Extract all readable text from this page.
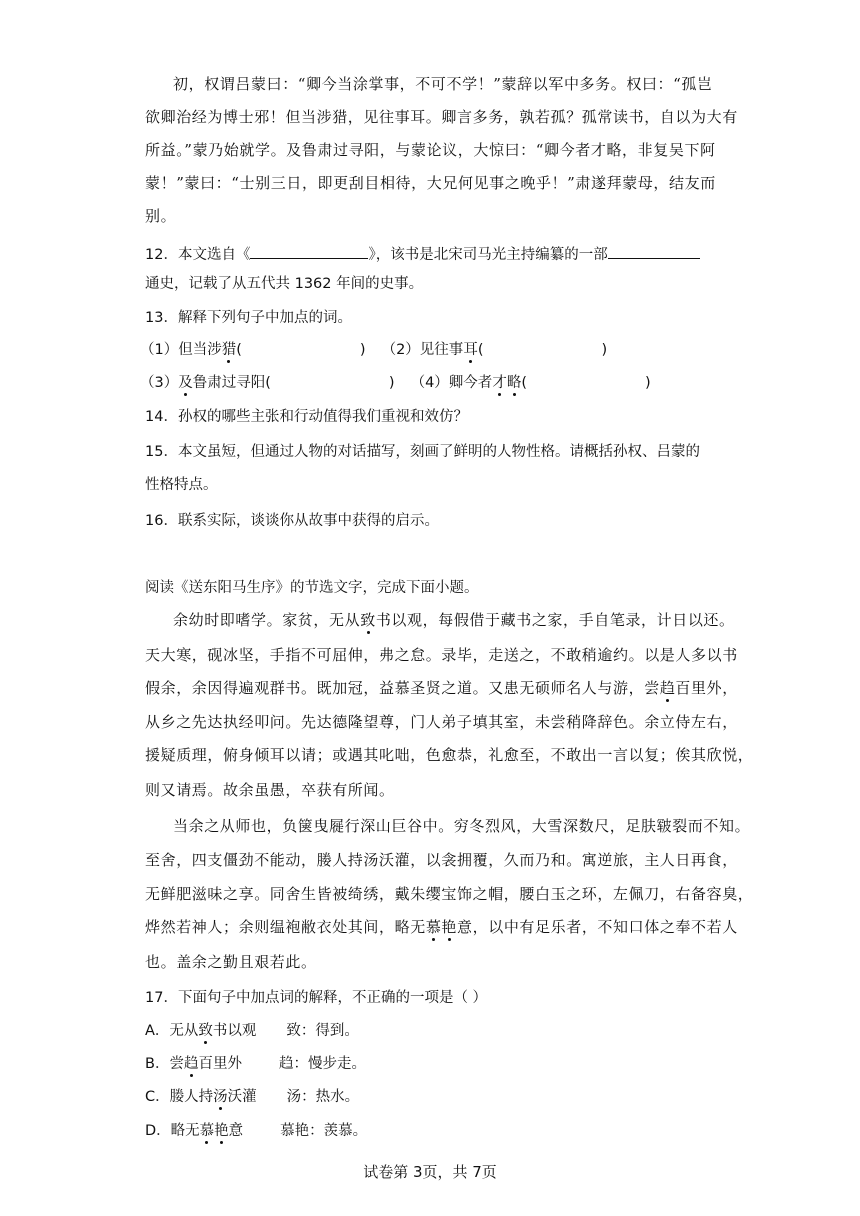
初，权谓吕蒙曰：“卿今当涂掌事，不可不学！”蒙辞以军中多务。权曰：“孤岂
欲卿治经为博士邪！但当涉猎，见往事耳。卿言多务，孰若孤？孤常读书，自以为大有
所益。”蒙乃始就学。及鲁肃过寻阳，与蒙论议，大惊曰：“卿今者才略，非复吴下阿
蒙！”蒙曰：“士别三日，即更刮目相待，大兄何见事之晚乎！”肃遂拜蒙母，结友而
别。
12．本文选自《	》，该书是北宋司马光主持编纂的一部
通史，记载了从五代共 1362 年间的史事。
13．解释下列句子中加点的词。
（1）但当涉猎(	) （2）见往事耳(	)
（3）及鲁肃过寻阳(	) （4）卿今者才略(	)
14．孙权的哪些主张和行动值得我们重视和效仿？
15．本文虽短，但通过人物的对话描写，刻画了鲜明的人物性格。请概括孙权、吕蒙的
性格特点。
16．联系实际，谈谈你从故事中获得的启示。
阅读《送东阳马生序》的节选文字，完成下面小题。
余幼时即嗜学。家贫，无从致书以观，每假借于藏书之家，手自笔录，计日以还。
天大寒，砚冰坚，手指不可屈伸，弗之怠。录毕，走送之，不敢稍逾约。以是人多以书
假余，余因得遍观群书。既加冠，益慕圣贤之道。又患无硕师名人与游，尝趋百里外，
从乡之先达执经叩问。先达德隆望尊，门人弟子填其室，未尝稍降辞色。余立侍左右，
援疑质理，俯身倾耳以请；或遇其叱咄，色愈恭，礼愈至，不敢出一言以复；俟其欣悦，
则又请焉。故余虽愚，卒获有所闻。
当余之从师也，负箧曳屣行深山巨谷中。穷冬烈风，大雪深数尺，足肤皲裂而不知。
至舍，四支僵劲不能动，媵人持汤沃灌，以衾拥覆，久而乃和。寓逆旅，主人日再食，
无鲜肥滋味之享。同舍生皆被绮绣，戴朱缨宝饰之帽，腰白玉之环，左佩刀，右备容臭，
烨然若神人；余则缊袍敝衣处其间，略无慕艳意，以中有足乐者，不知口体之奉不若人
也。盖余之勤且艰若此。
17．下面句子中加点词的解释，不正确的一项是（ ）
A．无从致书以观 致：得到。
B．尝趋百里外	趋：慢步走。
C．媵人持汤沃灌 汤：热水。
D．略无慕艳意	慕艳：羡慕。
试卷第 3页，共 7页
